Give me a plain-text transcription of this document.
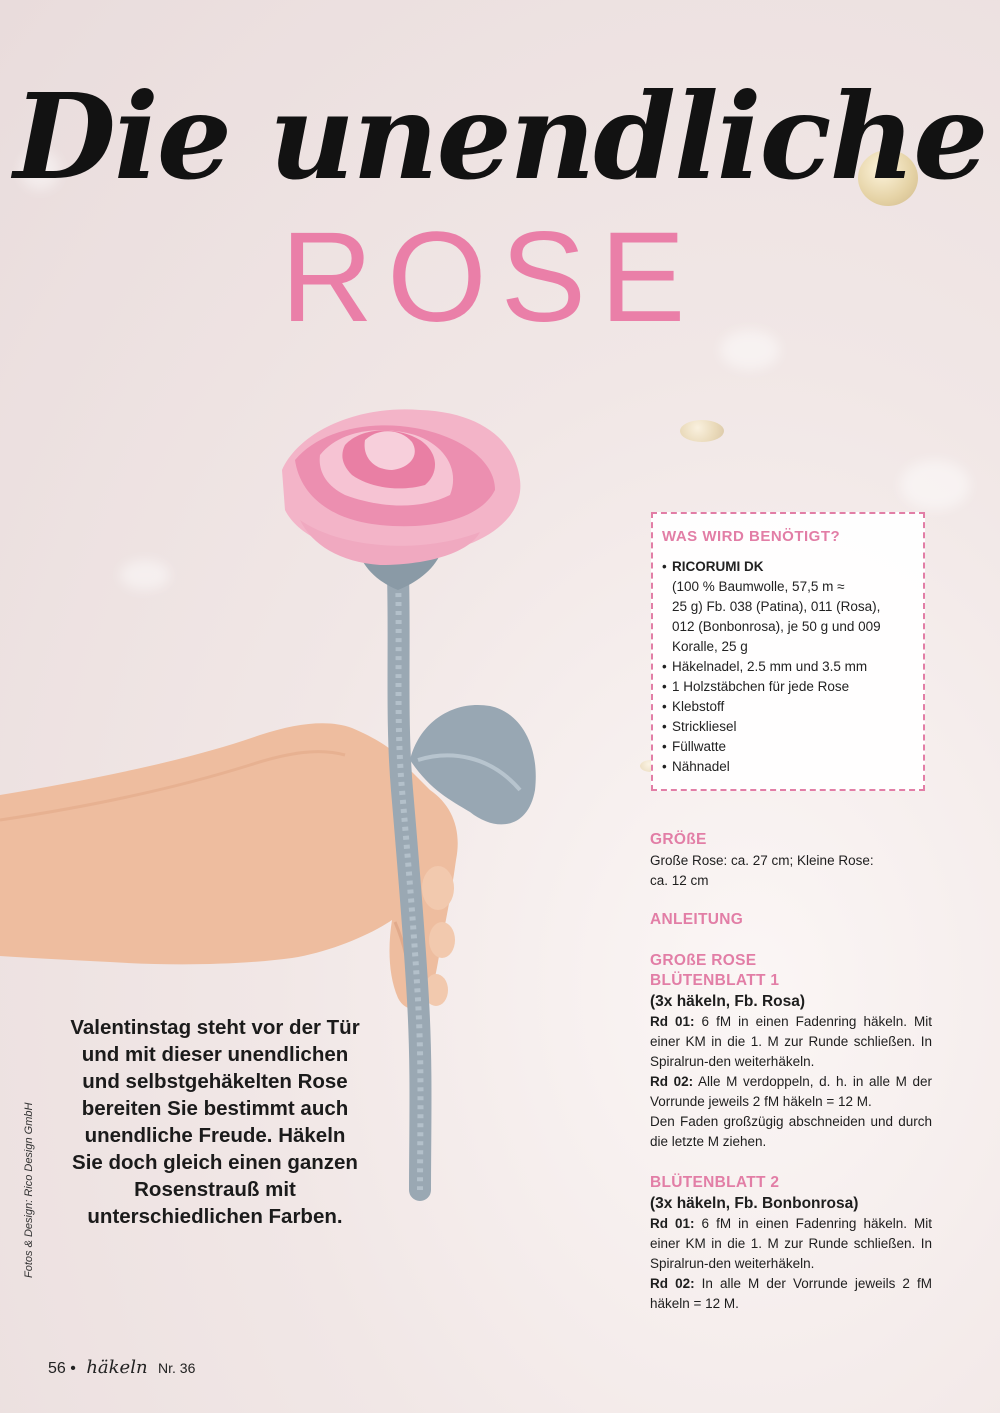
Die unendliche
ROSE
WAS WIRD BENÖTIGT?
• RICORUMI DK
(100 % Baumwolle, 57,5 m ≈
25 g) Fb. 038 (Patina), 011 (Rosa),
012 (Bonbonrosa), je 50 g und 009
Koralle, 25 g
• Häkelnadel, 2.5 mm und 3.5 mm
• 1 Holzstäbchen für jede Rose
• Klebstoff
• Strickliesel
• Füllwatte
• Nähnadel

GRÖßE

Große Rose: ca. 27 cm; Kleine Rose:

ca. 12 cm

ANLEITUNG

GROßE ROSE

BLÜTENBLATT 1

(3x häkeln, Fb. Rosa)

Rd 01: 6 fM in einen Fadenring häkeln. Mit einer KM in die 1. M zur Runde schließen. In Spiralrun-den weiterhäkeln.

Rd 02: Alle M verdoppeln, d. h. in alle M der Vorrunde jeweils 2 fM häkeln = 12 M.

Den Faden großzügig abschneiden und durch die letzte M ziehen.

BLÜTENBLATT 2

(3x häkeln, Fb. Bonbonrosa)

Rd 01: 6 fM in einen Fadenring häkeln. Mit einer KM in die 1. M zur Runde schließen. In Spiralrun-den weiterhäkeln.

Rd 02: In alle M der Vorrunde jeweils 2 fM häkeln = 12 M.

Valentinstag steht vor der Tür und mit dieser unendlichen und selbstgehäkelten Rose bereiten Sie bestimmt auch unendliche Freude. Häkeln Sie doch gleich einen ganzen Rosenstrauß mit unterschiedlichen Farben.
Fotos & Design: Rico Design GmbH
56 • häkeln Nr. 36
